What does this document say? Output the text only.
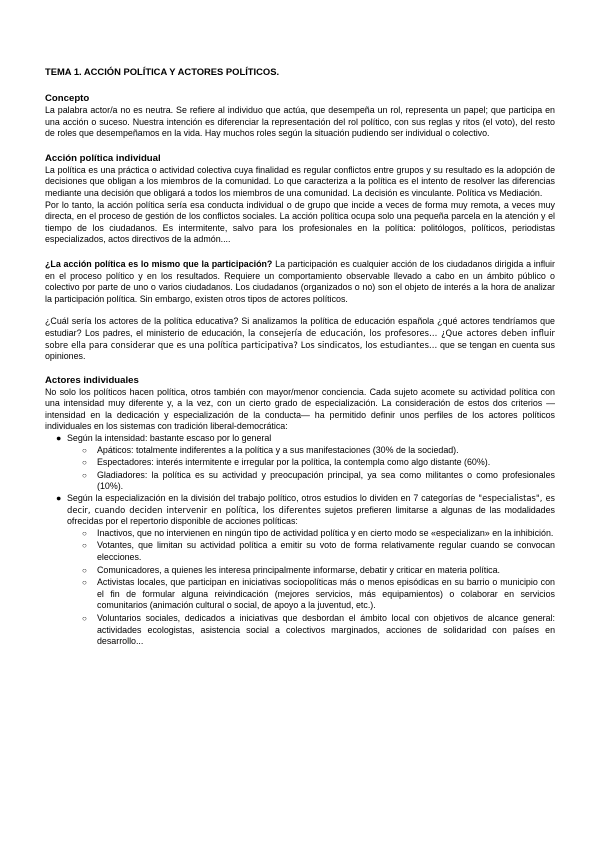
TEMA 1. ACCIÓN POLÍTICA Y ACTORES POLÍTICOS.
Concepto

La palabra actor/a no es neutra. Se refiere al individuo que actúa, que desempeña un rol, representa un papel; que participa en una acción o suceso. Nuestra intención es diferenciar la representación del rol político, con sus reglas y ritos (el voto), del resto de roles que desempeñamos en la vida. Hay muchos roles según la situación pudiendo ser individual o colectivo.

Acción política individual

La política es una práctica o actividad colectiva cuya finalidad es regular conflictos entre grupos y su resultado es la adopción de decisiones que obligan a los miembros de la comunidad. Lo que caracteriza a la política es el intento de resolver las diferencias mediante una decisión que obligará a todos los miembros de una comunidad. La decisión es vinculante. Política vs Mediación.

Por lo tanto, la acción política sería esa conducta individual o de grupo que incide a veces de forma muy remota, a veces muy directa, en el proceso de gestión de los conflictos sociales. La acción política ocupa solo una pequeña parcela en la atención y el tiempo de los ciudadanos. Es intermitente, salvo para los profesionales en la política: politólogos, políticos, periodistas especializados, actos directivos de la admón....

¿La acción política es lo mismo que la participación? La participación es cualquier acción de los ciudadanos dirigida a influir en el proceso político y en los resultados. Requiere un comportamiento observable llevado a cabo en un ámbito público o colectivo por parte de uno o varios ciudadanos. Los ciudadanos (organizados o no) son el objeto de interés a la hora de analizar la participación política. Sin embargo, existen otros tipos de actores políticos.

¿Cuál sería los actores de la política educativa? Si analizamos la política de educación española ¿qué actores tendríamos que estudiar? Los padres, el ministerio de educación, la consejería de educación, los profesores… ¿Que actores deben influir sobre ella para considerar que es una política participativa? Los sindicatos, los estudiantes… que se tengan en cuenta sus opiniones.

Actores individuales

No solo los políticos hacen política, otros también con mayor/menor conciencia. Cada sujeto acomete su actividad política con una intensidad muy diferente y, a la vez, con un cierto grado de especialización. La consideración de estos dos criterios —intensidad en la dedicación y especialización de la conducta— ha permitido definir unos perfiles de los actores políticos individuales en los sistemas con tradición liberal-democrática:

● Según la intensidad: bastante escaso por lo general
○ Apáticos: totalmente indiferentes a la política y a sus manifestaciones (30% de la sociedad).
○ Espectadores: interés intermitente e irregular por la política, la contempla como algo distante (60%).
○ Gladiadores: la política es su actividad y preocupación principal, ya sea como militantes o como profesionales (10%).
● Según la especialización en la división del trabajo político, otros estudios lo dividen en 7 categorías de "especialistas", es decir, cuando deciden intervenir en política, los diferentes sujetos prefieren limitarse a algunas de las modalidades ofrecidas por el repertorio disponible de acciones políticas:
○ Inactivos, que no intervienen en ningún tipo de actividad política y en cierto modo se «especializan» en la inhibición.
○ Votantes, que limitan su actividad política a emitir su voto de forma relativamente regular cuando se convocan elecciones.
○ Comunicadores, a quienes les interesa principalmente informarse, debatir y criticar en materia política.
○ Activistas locales, que participan en iniciativas sociopolíticas más o menos episódicas en su barrio o municipio con el fin de formular alguna reivindicación (mejores servicios, más equipamientos) o colaborar en servicios comunitarios (animación cultural o social, de apoyo a la juventud, etc.).
○ Voluntarios sociales, dedicados a iniciativas que desbordan el ámbito local con objetivos de alcance general: actividades ecologistas, asistencia social a colectivos marginados, acciones de solidaridad con países en desarrollo...
